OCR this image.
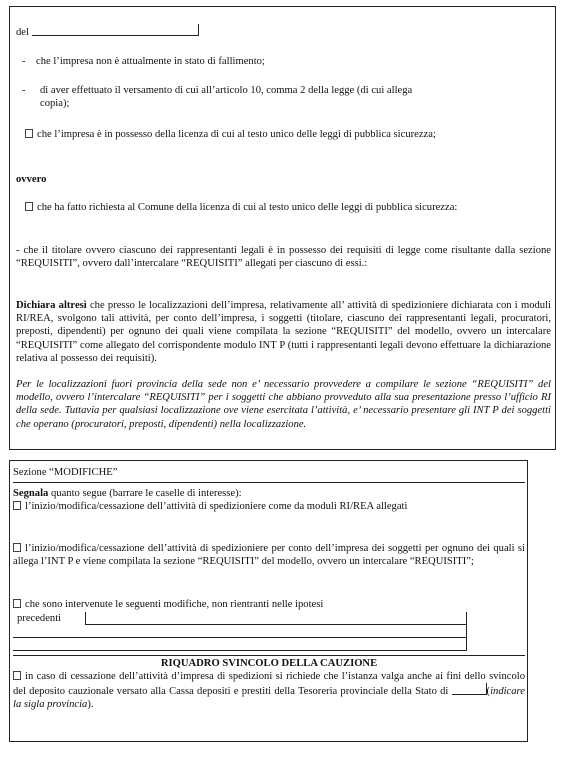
del
- che l’impresa non è attualmente in stato di fallimento;
- di aver effettuato il versamento di cui all’articolo 10, comma 2 della legge (di cui allega

copia);

che l’impresa è in possesso della licenza di cui al testo unico delle leggi di pubblica sicurezza;
ovvero
che ha fatto richiesta al Comune della licenza di cui al testo unico delle leggi di pubblica sicurezza:
- che il titolare ovvero ciascuno dei rappresentanti legali è in possesso dei requisiti di legge come risultante dalla sezione “REQUISITI”, ovvero dall’intercalare “REQUISITI” allegati per ciascuno di essi.:
Dichiara altresì che presso le localizzazioni dell’impresa, relativamente all’ attività di spedizioniere dichiarata con i moduli RI/REA, svolgono tali attività, per conto dell’impresa, i soggetti (titolare, ciascuno dei rappresentanti legali, procuratori, preposti, dipendenti) per ognuno dei quali viene compilata la sezione “REQUISITI” del modello, ovvero un intercalare “REQUISITI” come allegato del corrispondente modulo INT P (tutti i rappresentanti legali devono effettuare la dichiarazione relativa al possesso dei requisiti).
Per le localizzazioni fuori provincia della sede non e’ necessario provvedere a compilare le sezione “REQUISITI” del modello, ovvero l’intercalare “REQUISITI” per i soggetti che abbiano provveduto alla sua presentazione presso l’ufficio RI della sede. Tuttavia per qualsiasi localizzazione ove viene esercitata l’attività, e’ necessario presentare gli INT P dei soggetti che operano (procuratori, preposti, dipendenti) nella localizzazione.
Sezione “MODIFICHE”
Segnala quanto segue (barrare le caselle di interesse):
l’inizio/modifica/cessazione dell’attività di spedizioniere come da moduli RI/REA allegati
l’inizio/modifica/cessazione dell’attività di spedizioniere per conto dell’impresa dei soggetti per ognuno dei quali si allega l’INT P e viene compilata la sezione “REQUISITI” del modello, ovvero un intercalare “REQUISITI”;
che sono intervenute le seguenti modifiche, non rientranti nelle ipotesi
precedenti
RIQUADRO SVINCOLO DELLA CAUZIONE
in caso di cessazione dell’attività d’impresa di spedizioni si richiede che l’istanza valga anche ai fini dello svincolo del deposito cauzionale versato alla Cassa depositi e prestiti della Tesoreria provinciale della Stato di	(indicare la sigla provincia).
